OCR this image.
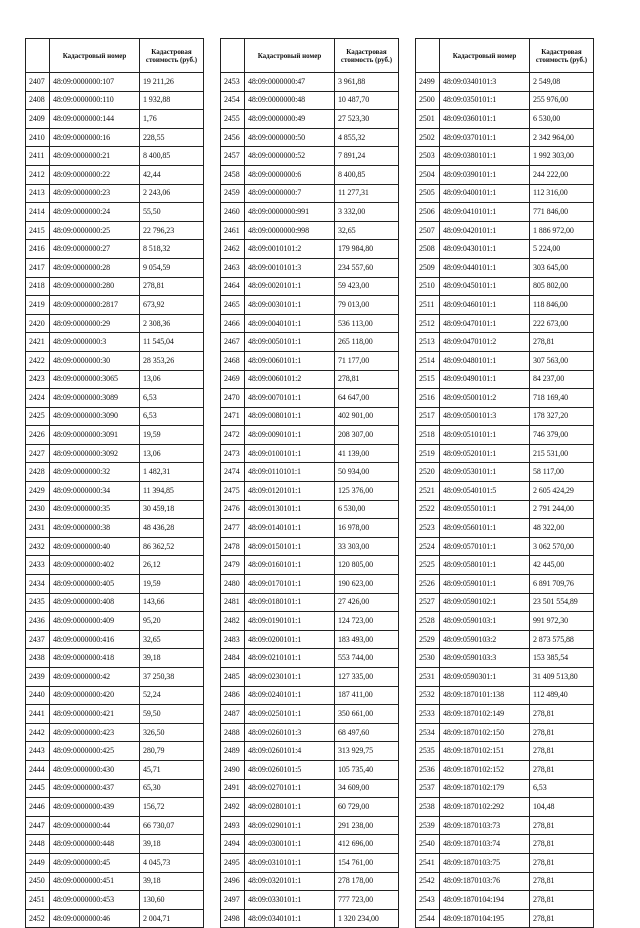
	Кадастровый номер	Кадастровая стоимость (руб.)
2407	48:09:0000000:107	19 211,26
2408	48:09:0000000:110	1 932,88
2409	48:09:0000000:144	1,76
2410	48:09:0000000:16	228,55
2411	48:09:0000000:21	8 400,85
2412	48:09:0000000:22	42,44
2413	48:09:0000000:23	2 243,06
2414	48:09:0000000:24	55,50
2415	48:09:0000000:25	22 796,23
2416	48:09:0000000:27	8 518,32
2417	48:09:0000000:28	9 054,59
2418	48:09:0000000:280	278,81
2419	48:09:0000000:2817	673,92
2420	48:09:0000000:29	2 308,36
2421	48:09:0000000:3	11 545,04
2422	48:09:0000000:30	28 353,26
2423	48:09:0000000:3065	13,06
2424	48:09:0000000:3089	6,53
2425	48:09:0000000:3090	6,53
2426	48:09:0000000:3091	19,59
2427	48:09:0000000:3092	13,06
2428	48:09:0000000:32	1 482,31
2429	48:09:0000000:34	11 394,85
2430	48:09:0000000:35	30 459,18
2431	48:09:0000000:38	48 436,28
2432	48:09:0000000:40	86 362,52
2433	48:09:0000000:402	26,12
2434	48:09:0000000:405	19,59
2435	48:09:0000000:408	143,66
2436	48:09:0000000:409	95,20
2437	48:09:0000000:416	32,65
2438	48:09:0000000:418	39,18
2439	48:09:0000000:42	37 250,38
2440	48:09:0000000:420	52,24
2441	48:09:0000000:421	59,50
2442	48:09:0000000:423	326,50
2443	48:09:0000000:425	280,79
2444	48:09:0000000:430	45,71
2445	48:09:0000000:437	65,30
2446	48:09:0000000:439	156,72
2447	48:09:0000000:44	66 730,07
2448	48:09:0000000:448	39,18
2449	48:09:0000000:45	4 045,73
2450	48:09:0000000:451	39,18
2451	48:09:0000000:453	130,60
2452	48:09:0000000:46	2 004,71
	Кадастровый номер	Кадастровая стоимость (руб.)
2453	48:09:0000000:47	3 961,88
2454	48:09:0000000:48	10 487,70
2455	48:09:0000000:49	27 523,30
2456	48:09:0000000:50	4 855,32
2457	48:09:0000000:52	7 891,24
2458	48:09:0000000:6	8 400,85
2459	48:09:0000000:7	11 277,31
2460	48:09:0000000:991	3 332,00
2461	48:09:0000000:998	32,65
2462	48:09:0010101:2	179 984,80
2463	48:09:0010101:3	234 557,60
2464	48:09:0020101:1	59 423,00
2465	48:09:0030101:1	79 013,00
2466	48:09:0040101:1	536 113,00
2467	48:09:0050101:1	265 118,00
2468	48:09:0060101:1	71 177,00
2469	48:09:0060101:2	278,81
2470	48:09:0070101:1	64 647,00
2471	48:09:0080101:1	402 901,00
2472	48:09:0090101:1	208 307,00
2473	48:09:0100101:1	41 139,00
2474	48:09:0110101:1	50 934,00
2475	48:09:0120101:1	125 376,00
2476	48:09:0130101:1	6 530,00
2477	48:09:0140101:1	16 978,00
2478	48:09:0150101:1	33 303,00
2479	48:09:0160101:1	120 805,00
2480	48:09:0170101:1	190 623,00
2481	48:09:0180101:1	27 426,00
2482	48:09:0190101:1	124 723,00
2483	48:09:0200101:1	183 493,00
2484	48:09:0210101:1	553 744,00
2485	48:09:0230101:1	127 335,00
2486	48:09:0240101:1	187 411,00
2487	48:09:0250101:1	350 661,00
2488	48:09:0260101:3	68 497,60
2489	48:09:0260101:4	313 929,75
2490	48:09:0260101:5	105 735,40
2491	48:09:0270101:1	34 609,00
2492	48:09:0280101:1	60 729,00
2493	48:09:0290101:1	291 238,00
2494	48:09:0300101:1	412 696,00
2495	48:09:0310101:1	154 761,00
2496	48:09:0320101:1	278 178,00
2497	48:09:0330101:1	777 723,00
2498	48:09:0340101:1	1 320 234,00
	Кадастровый номер	Кадастровая стоимость (руб.)
2499	48:09:0340101:3	2 549,08
2500	48:09:0350101:1	255 976,00
2501	48:09:0360101:1	6 530,00
2502	48:09:0370101:1	2 342 964,00
2503	48:09:0380101:1	1 992 303,00
2504	48:09:0390101:1	244 222,00
2505	48:09:0400101:1	112 316,00
2506	48:09:0410101:1	771 846,00
2507	48:09:0420101:1	1 886 972,00
2508	48:09:0430101:1	5 224,00
2509	48:09:0440101:1	303 645,00
2510	48:09:0450101:1	805 802,00
2511	48:09:0460101:1	118 846,00
2512	48:09:0470101:1	222 673,00
2513	48:09:0470101:2	278,81
2514	48:09:0480101:1	307 563,00
2515	48:09:0490101:1	84 237,00
2516	48:09:0500101:2	718 169,40
2517	48:09:0500101:3	178 327,20
2518	48:09:0510101:1	746 379,00
2519	48:09:0520101:1	215 531,00
2520	48:09:0530101:1	58 117,00
2521	48:09:0540101:5	2 605 424,29
2522	48:09:0550101:1	2 791 244,00
2523	48:09:0560101:1	48 322,00
2524	48:09:0570101:1	3 062 570,00
2525	48:09:0580101:1	42 445,00
2526	48:09:0590101:1	6 891 709,76
2527	48:09:0590102:1	23 501 554,89
2528	48:09:0590103:1	991 972,30
2529	48:09:0590103:2	2 873 575,88
2530	48:09:0590103:3	153 385,54
2531	48:09:0590301:1	31 409 513,80
2532	48:09:1870101:138	112 489,40
2533	48:09:1870102:149	278,81
2534	48:09:1870102:150	278,81
2535	48:09:1870102:151	278,81
2536	48:09:1870102:152	278,81
2537	48:09:1870102:179	6,53
2538	48:09:1870102:292	104,48
2539	48:09:1870103:73	278,81
2540	48:09:1870103:74	278,81
2541	48:09:1870103:75	278,81
2542	48:09:1870103:76	278,81
2543	48:09:1870104:194	278,81
2544	48:09:1870104:195	278,81
